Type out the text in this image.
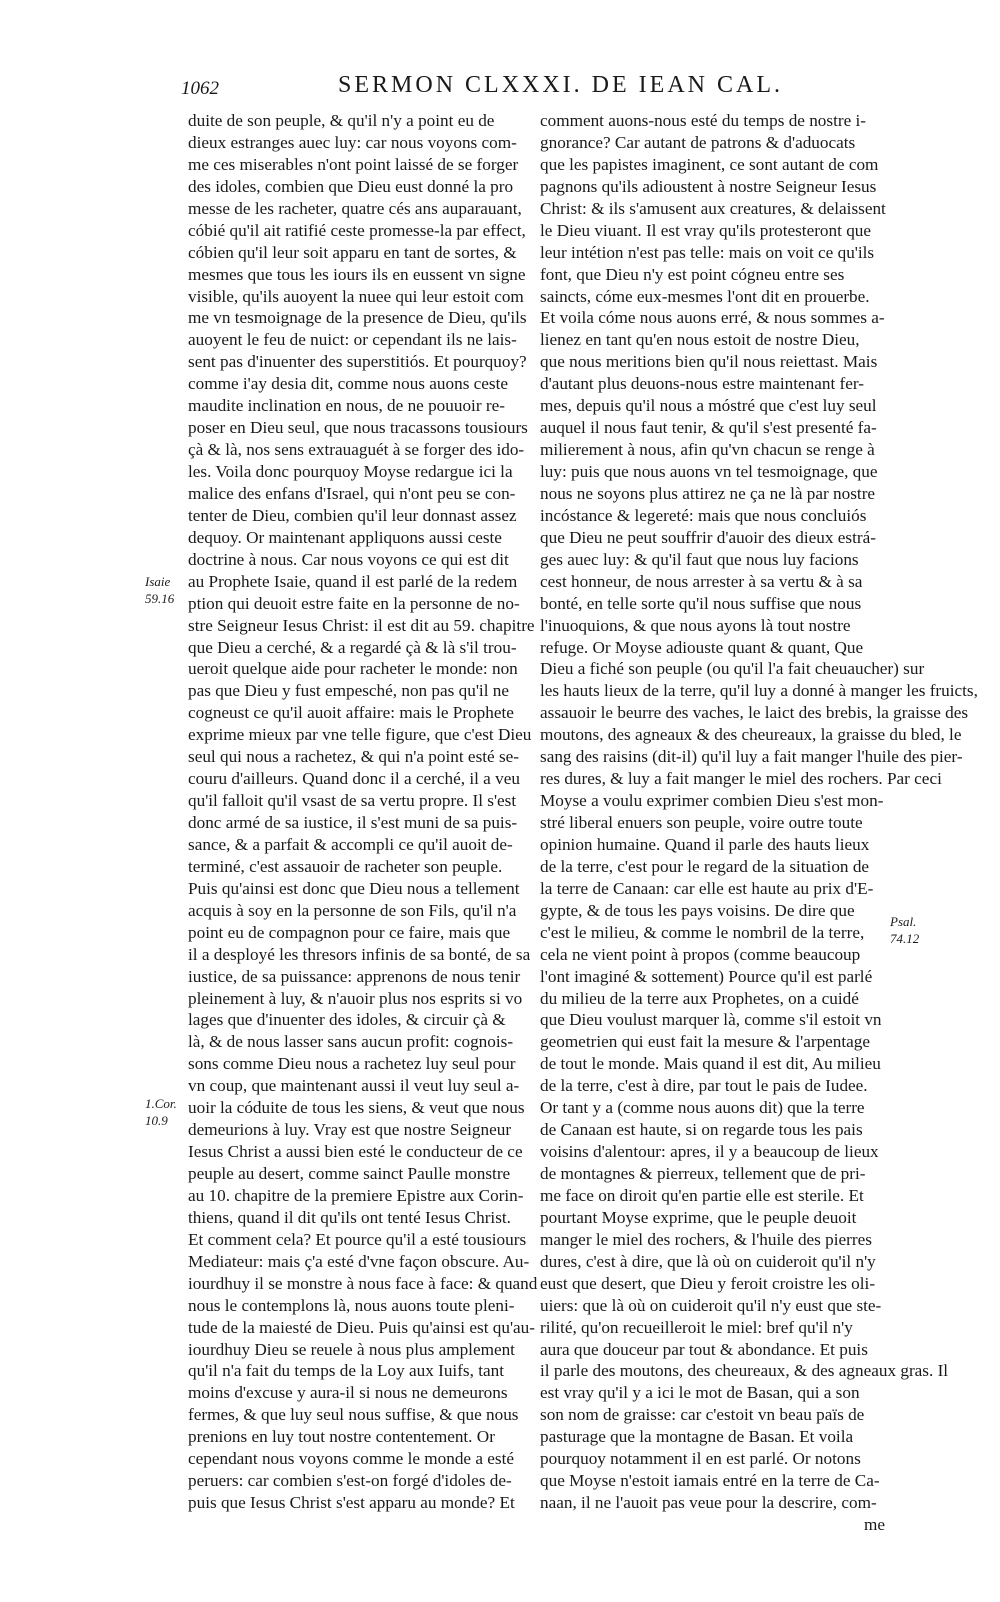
1062	SERMON CLXXXI. DE IEAN CAL.
Isaie
59.16
1.Cor.
10.9
Psal.
74.12
duite de son peuple, & qu'il n'y a point eu de
dieux estranges auec luy: car nous voyons com-
me ces miserables n'ont point laissé de se forger
des idoles, combien que Dieu eust donné la pro
messe de les racheter, quatre cés ans auparauant,
cóbié qu'il ait ratifié ceste promesse-la par effect,
cóbien qu'il leur soit apparu en tant de sortes, &
mesmes que tous les iours ils en eussent vn signe
visible, qu'ils auoyent la nuee qui leur estoit com
me vn tesmoignage de la presence de Dieu, qu'ils
auoyent le feu de nuict: or cependant ils ne lais-
sent pas d'inuenter des superstitiós. Et pourquoy?
comme i'ay desia dit, comme nous auons ceste
maudite inclination en nous, de ne pouuoir re-
poser en Dieu seul, que nous tracassons tousiours
çà & là, nos sens extrauaguét à se forger des ido-
les. Voila donc pourquoy Moyse redargue ici la
malice des enfans d'Israel, qui n'ont peu se con-
tenter de Dieu, combien qu'il leur donnast assez
dequoy. Or maintenant appliquons aussi ceste
doctrine à nous. Car nous voyons ce qui est dit
au Prophete Isaie, quand il est parlé de la redem
ption qui deuoit estre faite en la personne de no-
stre Seigneur Iesus Christ: il est dit au 59. chapitre
que Dieu a cerché, & a regardé çà & là s'il trou-
ueroit quelque aide pour racheter le monde: non
pas que Dieu y fust empesché, non pas qu'il ne
cogneust ce qu'il auoit affaire: mais le Prophete
exprime mieux par vne telle figure, que c'est Dieu
seul qui nous a rachetez, & qui n'a point esté se-
couru d'ailleurs. Quand donc il a cerché, il a veu
qu'il falloit qu'il vsast de sa vertu propre. Il s'est
donc armé de sa iustice, il s'est muni de sa puis-
sance, & a parfait & accompli ce qu'il auoit de-
terminé, c'est assauoir de racheter son peuple.
Puis qu'ainsi est donc que Dieu nous a tellement
acquis à soy en la personne de son Fils, qu'il n'a
point eu de compagnon pour ce faire, mais que
il a desployé les thresors infinis de sa bonté, de sa
iustice, de sa puissance: apprenons de nous tenir
pleinement à luy, & n'auoir plus nos esprits si vo
lages que d'inuenter des idoles, & circuir çà &
là, & de nous lasser sans aucun profit: cognois-
sons comme Dieu nous a rachetez luy seul pour
vn coup, que maintenant aussi il veut luy seul a-
uoir la códuite de tous les siens, & veut que nous
demeurions à luy. Vray est que nostre Seigneur
Iesus Christ a aussi bien esté le conducteur de ce
peuple au desert, comme sainct Paulle monstre
au 10. chapitre de la premiere Epistre aux Corin-
thiens, quand il dit qu'ils ont tenté Iesus Christ.
Et comment cela? Et pource qu'il a esté tousiours
Mediateur: mais ç'a esté d'vne façon obscure. Au-
iourdhuy il se monstre à nous face à face: & quand
nous le contemplons là, nous auons toute pleni-
tude de la maiesté de Dieu. Puis qu'ainsi est qu'au-
iourdhuy Dieu se reuele à nous plus amplement
qu'il n'a fait du temps de la Loy aux Iuifs, tant
moins d'excuse y aura-il si nous ne demeurons
fermes, & que luy seul nous suffise, & que nous
prenions en luy tout nostre contentement. Or
cependant nous voyons comme le monde a esté
peruers: car combien s'est-on forgé d'idoles de-
puis que Iesus Christ s'est apparu au monde? Et
comment auons-nous esté du temps de nostre i-
gnorance? Car autant de patrons & d'aduocats
que les papistes imaginent, ce sont autant de com
pagnons qu'ils adioustent à nostre Seigneur Iesus
Christ: & ils s'amusent aux creatures, & delaissent
le Dieu viuant. Il est vray qu'ils protesteront que
leur intétion n'est pas telle: mais on voit ce qu'ils
font, que Dieu n'y est point cógneu entre ses
saincts, cóme eux-mesmes l'ont dit en prouerbe.
Et voila cóme nous auons erré, & nous sommes a-
lienez en tant qu'en nous estoit de nostre Dieu,
que nous meritions bien qu'il nous reiettast. Mais
d'autant plus deuons-nous estre maintenant fer-
mes, depuis qu'il nous a móstré que c'est luy seul
auquel il nous faut tenir, & qu'il s'est presenté fa-
milierement à nous, afin qu'vn chacun se renge à
luy: puis que nous auons vn tel tesmoignage, que
nous ne soyons plus attirez ne ça ne là par nostre
incóstance & legereté: mais que nous concluiós
que Dieu ne peut souffrir d'auoir des dieux estrá-
ges auec luy: & qu'il faut que nous luy facions
cest honneur, de nous arrester à sa vertu & à sa
bonté, en telle sorte qu'il nous suffise que nous
l'inuoquions, & que nous ayons là tout nostre
refuge. Or Moyse adiouste quant & quant, Que
Dieu a fiché son peuple (ou qu'il l'a fait cheuaucher) sur
les hauts lieux de la terre, qu'il luy a donné à manger les fruicts,
assauoir le beurre des vaches, le laict des brebis, la graisse des
moutons, des agneaux & des cheureaux, la graisse du bled, le
sang des raisins (dit-il) qu'il luy a fait manger l'huile des pier-
res dures, & luy a fait manger le miel des rochers. Par ceci
Moyse a voulu exprimer combien Dieu s'est mon-
stré liberal enuers son peuple, voire outre toute
opinion humaine. Quand il parle des hauts lieux
de la terre, c'est pour le regard de la situation de
la terre de Canaan: car elle est haute au prix d'E-
gypte, & de tous les pays voisins. De dire que
c'est le milieu, & comme le nombril de la terre,
cela ne vient point à propos (comme beaucoup
l'ont imaginé & sottement) Pource qu'il est parlé
du milieu de la terre aux Prophetes, on a cuidé
que Dieu voulust marquer là, comme s'il estoit vn
geometrien qui eust fait la mesure & l'arpentage
de tout le monde. Mais quand il est dit, Au milieu
de la terre, c'est à dire, par tout le pais de Iudee.
Or tant y a (comme nous auons dit) que la terre
de Canaan est haute, si on regarde tous les pais
voisins d'alentour: apres, il y a beaucoup de lieux
de montagnes & pierreux, tellement que de pri-
me face on diroit qu'en partie elle est sterile. Et
pourtant Moyse exprime, que le peuple deuoit
manger le miel des rochers, & l'huile des pierres
dures, c'est à dire, que là où on cuideroit qu'il n'y
eust que desert, que Dieu y feroit croistre les oli-
uiers: que là où on cuideroit qu'il n'y eust que ste-
rilité, qu'on recueilleroit le miel: bref qu'il n'y
aura que douceur par tout & abondance. Et puis
il parle des moutons, des cheureaux, & des agneaux gras. Il
est vray qu'il y a ici le mot de Basan, qui a son
son nom de graisse: car c'estoit vn beau païs de
pasturage que la montagne de Basan. Et voila
pourquoy notamment il en est parlé. Or notons
que Moyse n'estoit iamais entré en la terre de Ca-
naan, il ne l'auoit pas veue pour la descrire, com-
me
